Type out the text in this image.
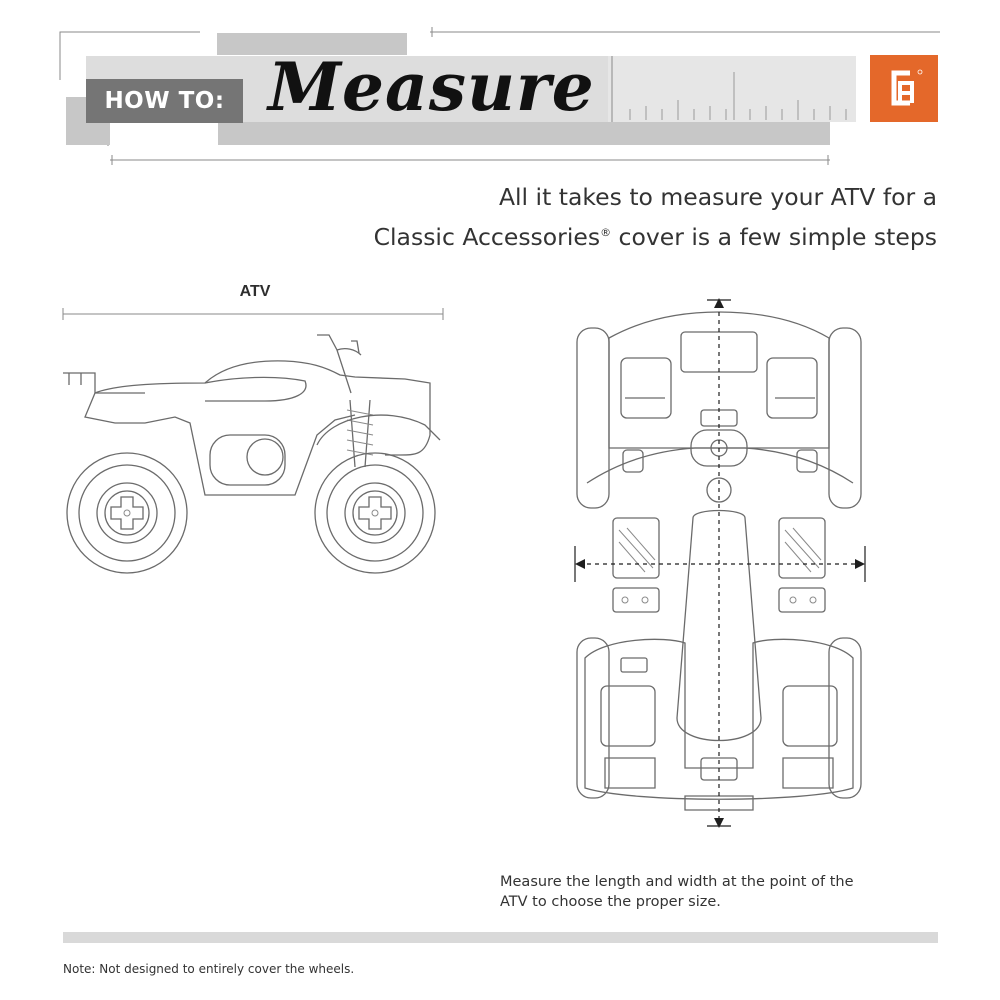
HOW TO: Measure
All it takes to measure your ATV for a
Classic Accessories® cover is a few simple steps
ATV
Measure the length and width at the point of the
ATV to choose the proper size.
Note: Not designed to entirely cover the wheels.
